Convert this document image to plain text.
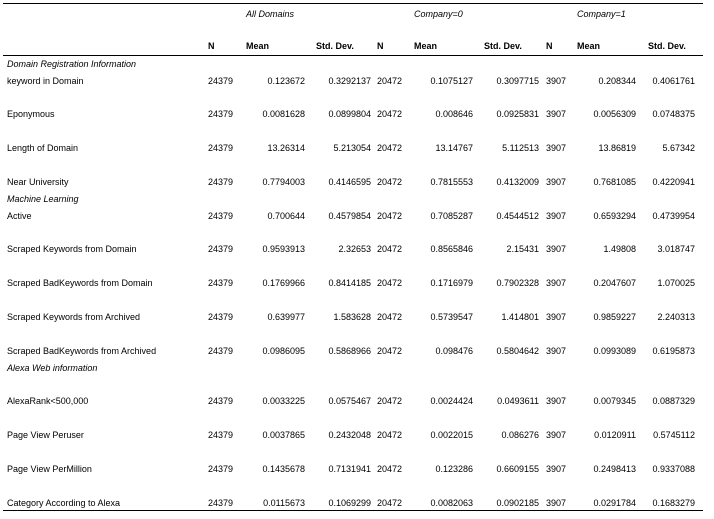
All Domains	Company=0	Company=1
N	Mean	Std. Dev.	N	Mean	Std. Dev.	N	Mean	Std. Dev.
Domain Registration Information
keyword in Domain	24379	0.123672	0.3292137 20472	0.1075127	0.3097715 3907	0.208344	0.4061761
Eponymous	24379	0.0081628	0.0899804 20472	0.008646	0.0925831 3907	0.0056309	0.0748375
Length of Domain	24379	13.26314	5.213054 20472	13.14767	5.112513 3907	13.86819	5.67342
Near University	24379	0.7794003	0.4146595 20472	0.7815553	0.4132009 3907	0.7681085	0.4220941
Machine Learning
Active	24379	0.700644	0.4579854 20472	0.7085287	0.4544512 3907	0.6593294	0.4739954
Scraped Keywords from Domain	24379	0.9593913	2.32653 20472	0.8565846	2.15431 3907	1.49808	3.018747
Scraped BadKeywords from Domain	24379	0.1769966	0.8414185 20472	0.1716979	0.7902328 3907	0.2047607	1.070025
Scraped Keywords from Archived	24379	0.639977	1.583628 20472	0.5739547	1.414801 3907	0.9859227	2.240313
Scraped BadKeywords from Archived	24379	0.0986095	0.5868966 20472	0.098476	0.5804642 3907	0.0993089	0.6195873
Alexa Web information
AlexaRank<500,000	24379	0.0033225	0.0575467 20472	0.0024424	0.0493611 3907	0.0079345	0.0887329
Page View Peruser	24379	0.0037865	0.2432048 20472	0.0022015	0.086276 3907	0.0120911	0.5745112
Page View PerMillion	24379	0.1435678	0.7131941 20472	0.123286	0.6609155 3907	0.2498413	0.9337088
Category According to Alexa	24379	0.0115673	0.1069299 20472	0.0082063	0.0902185 3907	0.0291784	0.1683279
